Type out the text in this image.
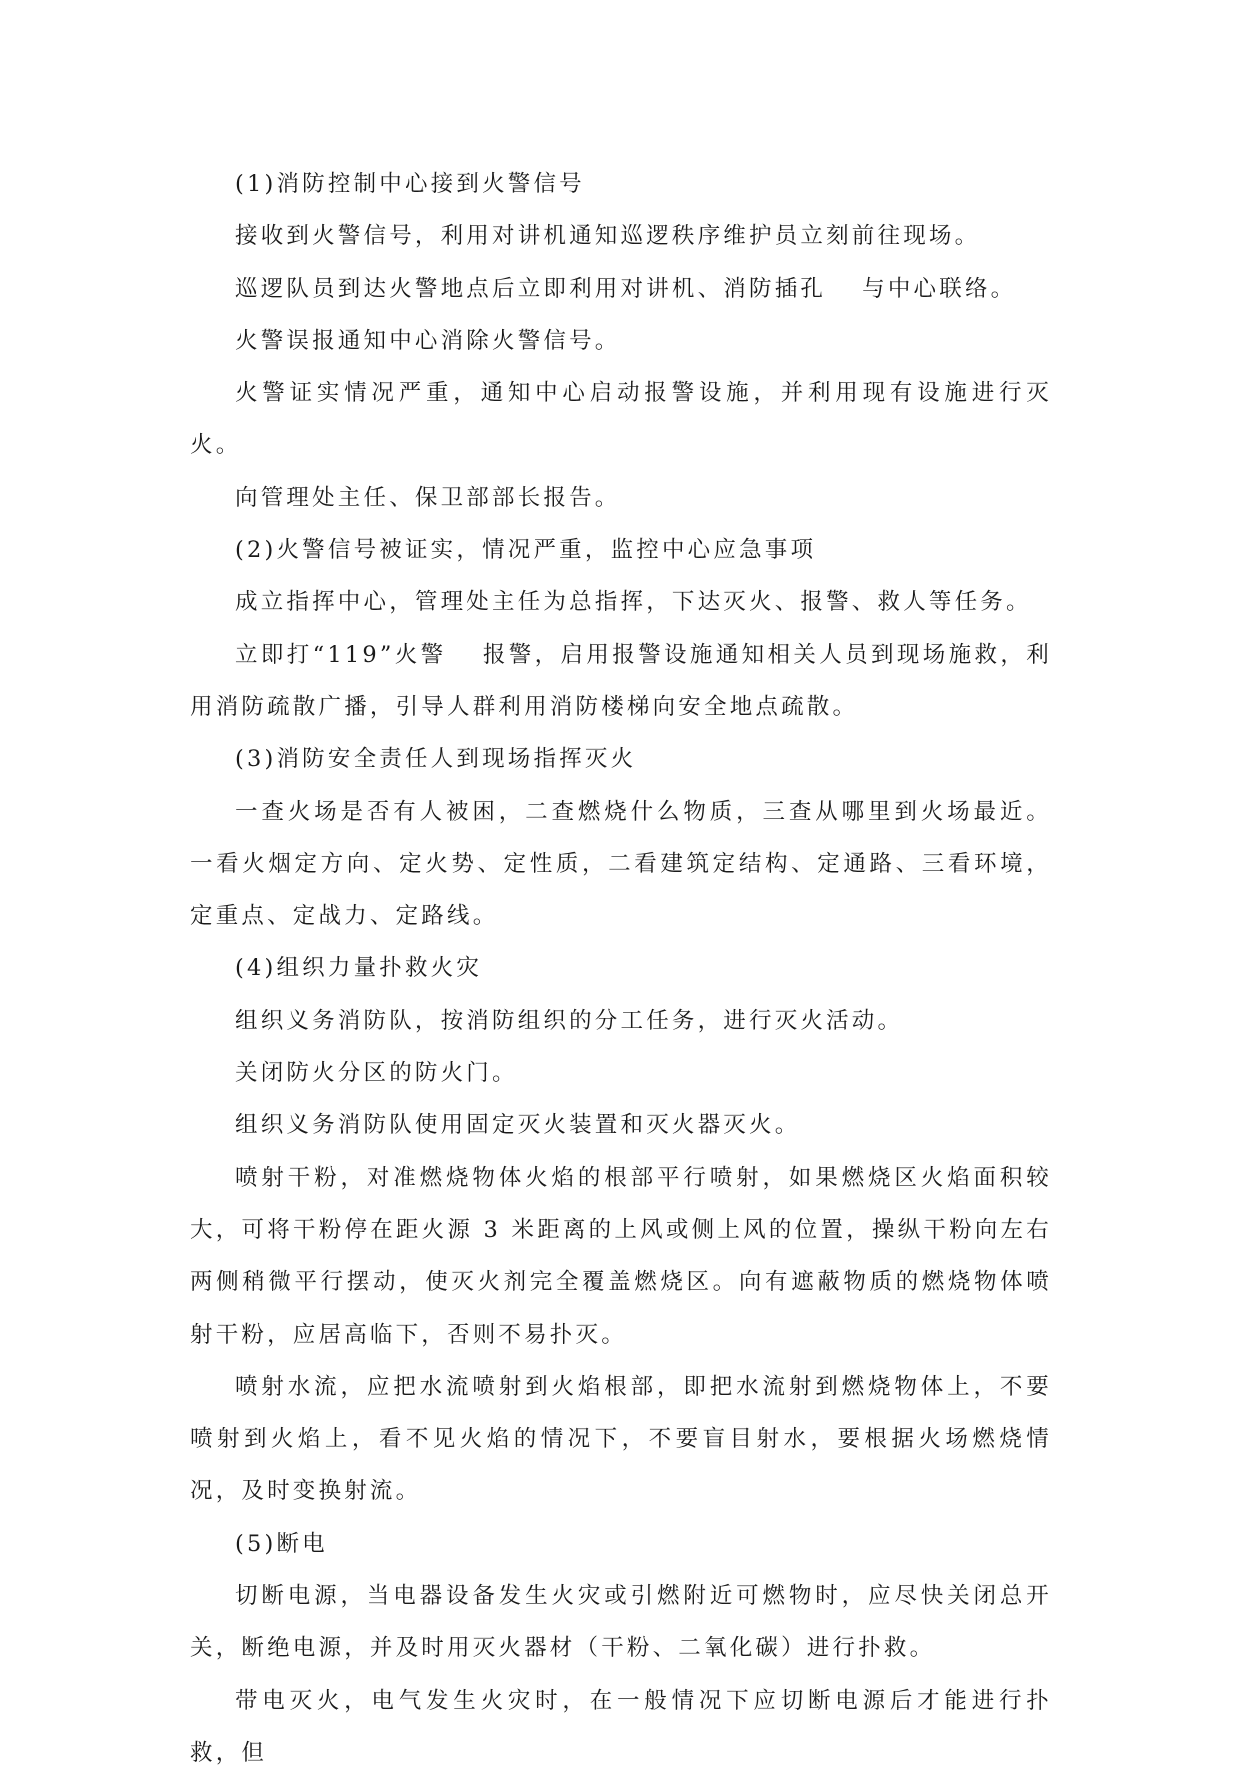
(1)消防控制中心接到火警信号

接收到火警信号，利用对讲机通知巡逻秩序维护员立刻前往现场。

巡逻队员到达火警地点后立即利用对讲机、消防插孔　 与中心联络。

火警误报通知中心消除火警信号。

火警证实情况严重，通知中心启动报警设施，并利用现有设施进行灭火。

向管理处主任、保卫部部长报告。

(2)火警信号被证实，情况严重，监控中心应急事项

成立指挥中心，管理处主任为总指挥，下达灭火、报警、救人等任务。

立即打“119”火警　 报警，启用报警设施通知相关人员到现场施救，利用消防疏散广播，引导人群利用消防楼梯向安全地点疏散。

(3)消防安全责任人到现场指挥灭火

一查火场是否有人被困，二查燃烧什么物质，三查从哪里到火场最近。一看火烟定方向、定火势、定性质，二看建筑定结构、定通路、三看环境，定重点、定战力、定路线。

(4)组织力量扑救火灾

组织义务消防队，按消防组织的分工任务，进行灭火活动。

关闭防火分区的防火门。

组织义务消防队使用固定灭火装置和灭火器灭火。

喷射干粉，对准燃烧物体火焰的根部平行喷射，如果燃烧区火焰面积较大，可将干粉停在距火源 3 米距离的上风或侧上风的位置，操纵干粉向左右两侧稍微平行摆动，使灭火剂完全覆盖燃烧区。向有遮蔽物质的燃烧物体喷射干粉，应居高临下，否则不易扑灭。

喷射水流，应把水流喷射到火焰根部，即把水流射到燃烧物体上，不要喷射到火焰上，看不见火焰的情况下，不要盲目射水，要根据火场燃烧情况，及时变换射流。

(5)断电

切断电源，当电器设备发生火灾或引燃附近可燃物时，应尽快关闭总开关，断绝电源，并及时用灭火器材（干粉、二氧化碳）进行扑救。

带电灭火，电气发生火灾时，在一般情况下应切断电源后才能进行扑救，但
